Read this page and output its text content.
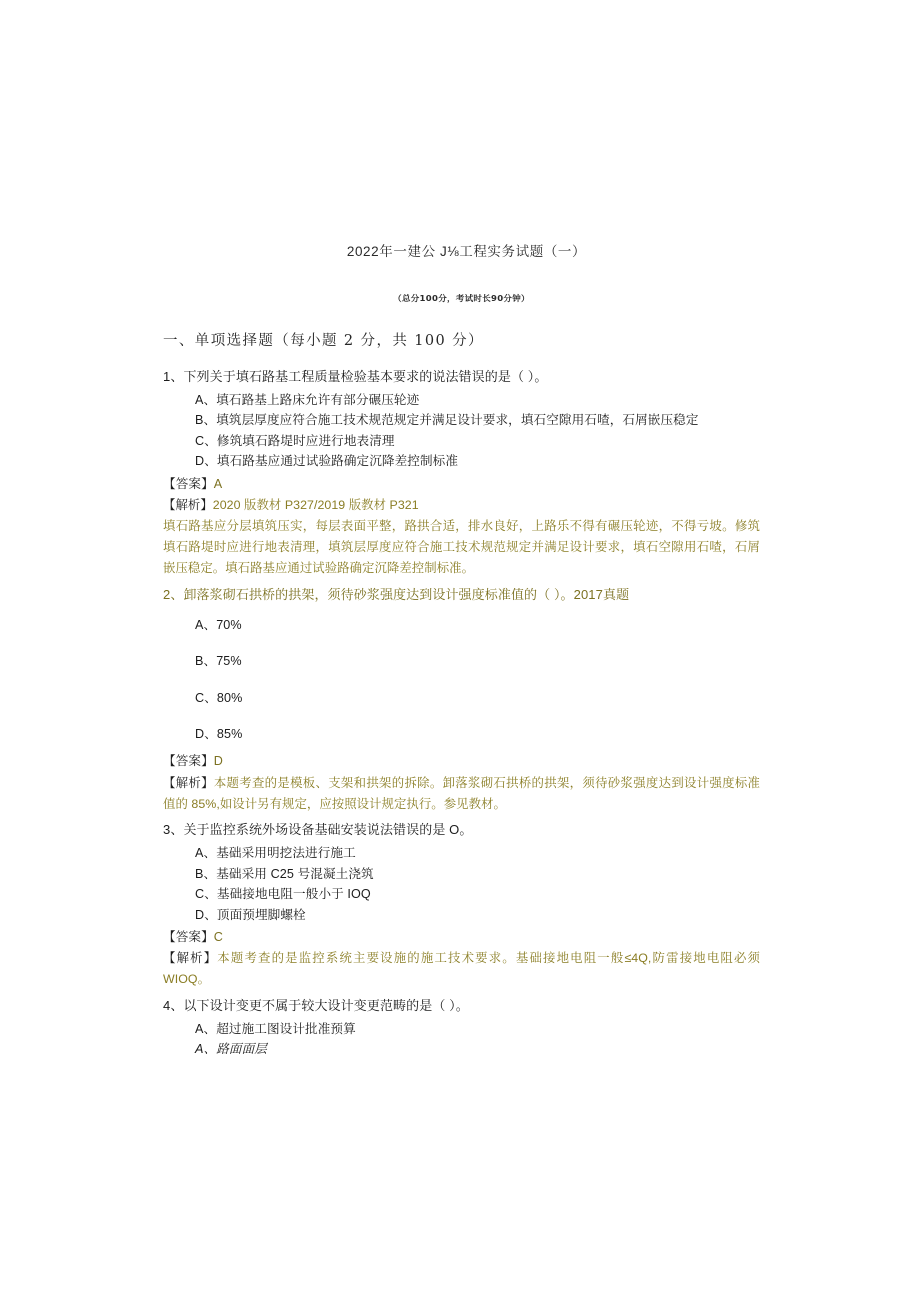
2022年一建公 J⅛工程实务试题（一）
（总分100分，考试时长90分钟）
一、单项选择题（每小题 2 分，共 100 分）
1、下列关于填石路基工程质量检验基本要求的说法错误的是（ ）。
A、填石路基上路床允许有部分碾压轮迹
B、填筑层厚度应符合施工技术规范规定并满足设计要求，填石空隙用石喳，石屑嵌压稳定
C、修筑填石路堤时应进行地表清理
D、填石路基应通过试验路确定沉降差控制标准
【答案】A
【解析】2020 版教材 P327/2019 版教材 P321
填石路基应分层填筑压实，每层表面平整，路拱合适，排水良好，上路乐不得有碾压轮迹，不得亏坡。修筑填石路堤时应进行地表清理，填筑层厚度应符合施工技术规范规定并满足设计要求，填石空隙用石喳，石屑嵌压稳定。填石路基应通过试验路确定沉降差控制标准。
2、卸落浆砌石拱桥的拱架，须待砂浆强度达到设计强度标准值的（ ）。2017真题
A、70%
B、75%
C、80%
D、85%
【答案】D
【解析】本题考查的是模板、支架和拱架的拆除。卸落浆砌石拱桥的拱架，须待砂浆强度达到设计强度标准值的 85%,如设计另有规定，应按照设计规定执行。参见教材。
3、关于监控系统外场设备基础安装说法错误的是 O。
A、基础采用明挖法进行施工
B、基础采用 C25 号混凝土浇筑
C、基础接地电阻一般小于 IOQ
D、顶面预埋脚螺栓
【答案】C
【解析】本题考查的是监控系统主要设施的施工技术要求。基础接地电阻一般≤4Q,防雷接地电阻必须 WIOQ。
4、以下设计变更不属于较大设计变更范畴的是（ ）。
A、超过施工图设计批准预算
A、路面面层
